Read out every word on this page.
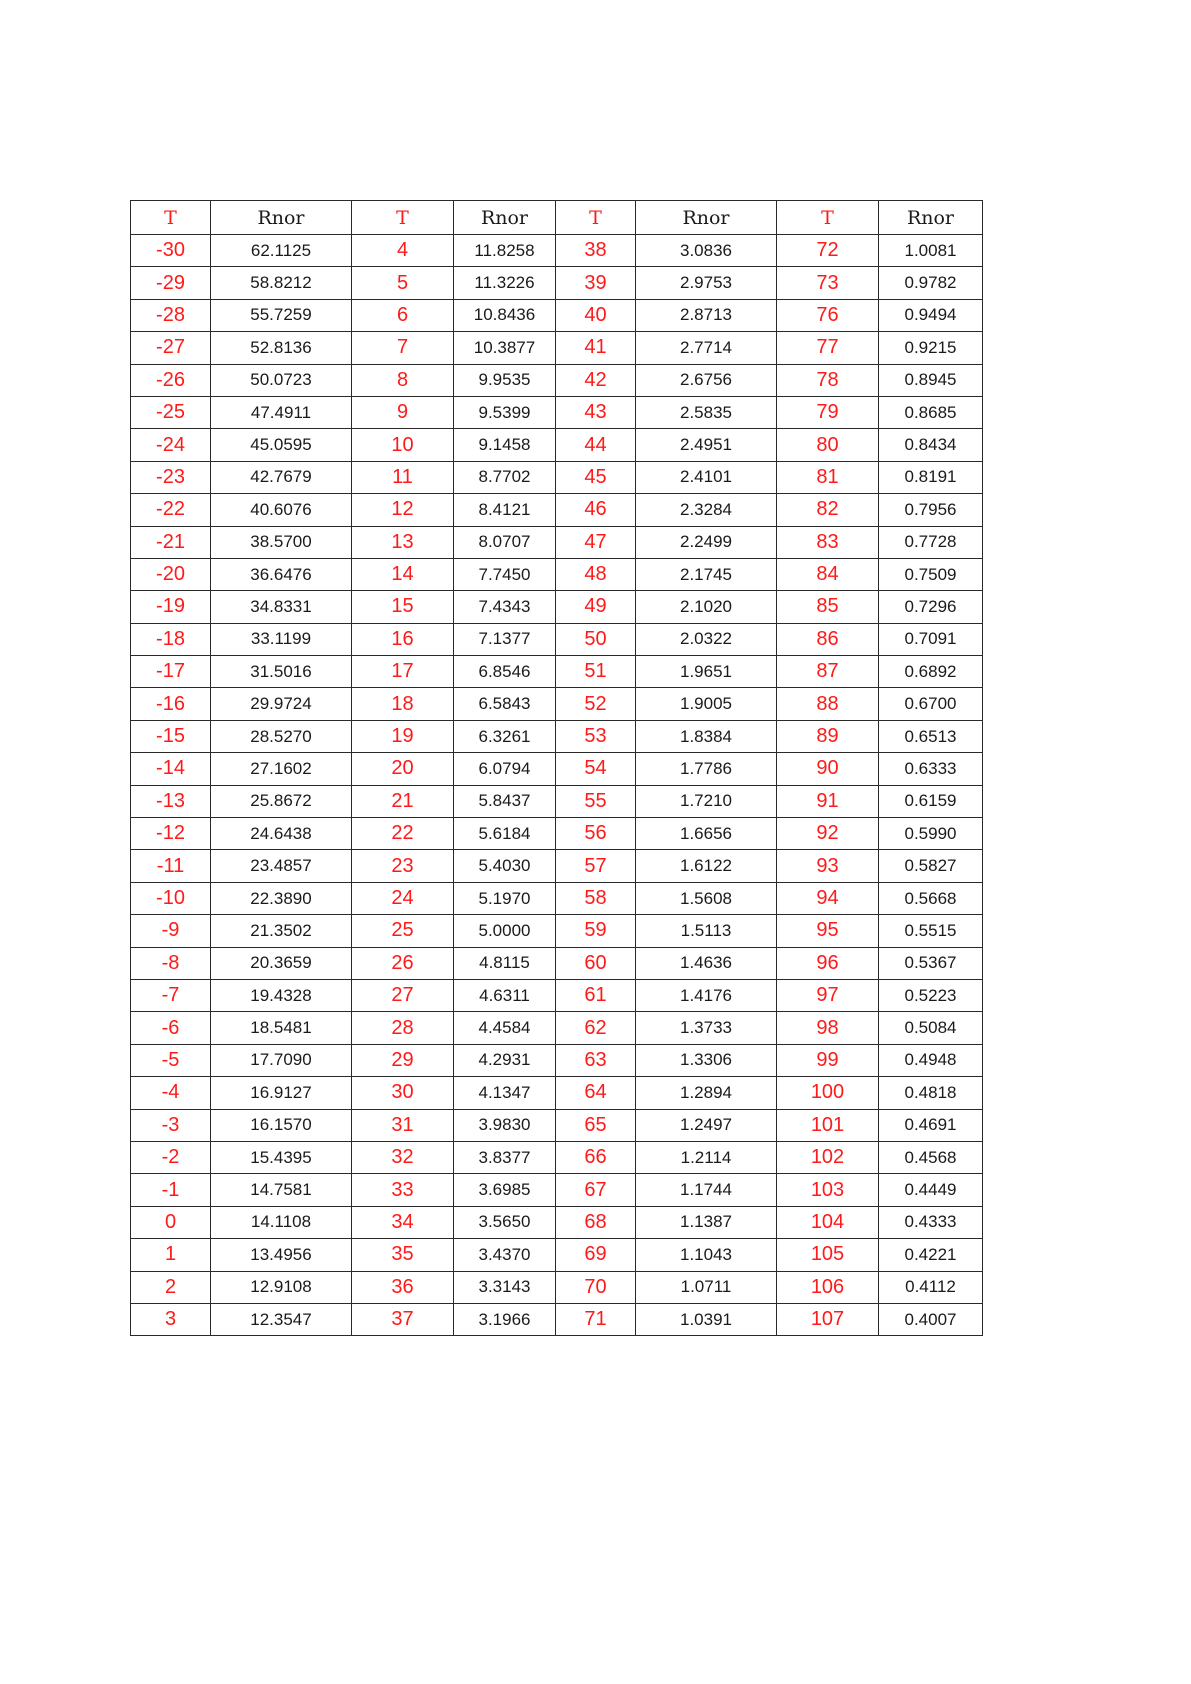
T	Rnor	T	Rnor	T	Rnor	T	Rnor
-30	62.1125	4	11.8258	38	3.0836	72	1.0081
-29	58.8212	5	11.3226	39	2.9753	73	0.9782
-28	55.7259	6	10.8436	40	2.8713	76	0.9494
-27	52.8136	7	10.3877	41	2.7714	77	0.9215
-26	50.0723	8	9.9535	42	2.6756	78	0.8945
-25	47.4911	9	9.5399	43	2.5835	79	0.8685
-24	45.0595	10	9.1458	44	2.4951	80	0.8434
-23	42.7679	11	8.7702	45	2.4101	81	0.8191
-22	40.6076	12	8.4121	46	2.3284	82	0.7956
-21	38.5700	13	8.0707	47	2.2499	83	0.7728
-20	36.6476	14	7.7450	48	2.1745	84	0.7509
-19	34.8331	15	7.4343	49	2.1020	85	0.7296
-18	33.1199	16	7.1377	50	2.0322	86	0.7091
-17	31.5016	17	6.8546	51	1.9651	87	0.6892
-16	29.9724	18	6.5843	52	1.9005	88	0.6700
-15	28.5270	19	6.3261	53	1.8384	89	0.6513
-14	27.1602	20	6.0794	54	1.7786	90	0.6333
-13	25.8672	21	5.8437	55	1.7210	91	0.6159
-12	24.6438	22	5.6184	56	1.6656	92	0.5990
-11	23.4857	23	5.4030	57	1.6122	93	0.5827
-10	22.3890	24	5.1970	58	1.5608	94	0.5668
-9	21.3502	25	5.0000	59	1.5113	95	0.5515
-8	20.3659	26	4.8115	60	1.4636	96	0.5367
-7	19.4328	27	4.6311	61	1.4176	97	0.5223
-6	18.5481	28	4.4584	62	1.3733	98	0.5084
-5	17.7090	29	4.2931	63	1.3306	99	0.4948
-4	16.9127	30	4.1347	64	1.2894	100	0.4818
-3	16.1570	31	3.9830	65	1.2497	101	0.4691
-2	15.4395	32	3.8377	66	1.2114	102	0.4568
-1	14.7581	33	3.6985	67	1.1744	103	0.4449
0	14.1108	34	3.5650	68	1.1387	104	0.4333
1	13.4956	35	3.4370	69	1.1043	105	0.4221
2	12.9108	36	3.3143	70	1.0711	106	0.4112
3	12.3547	37	3.1966	71	1.0391	107	0.4007
